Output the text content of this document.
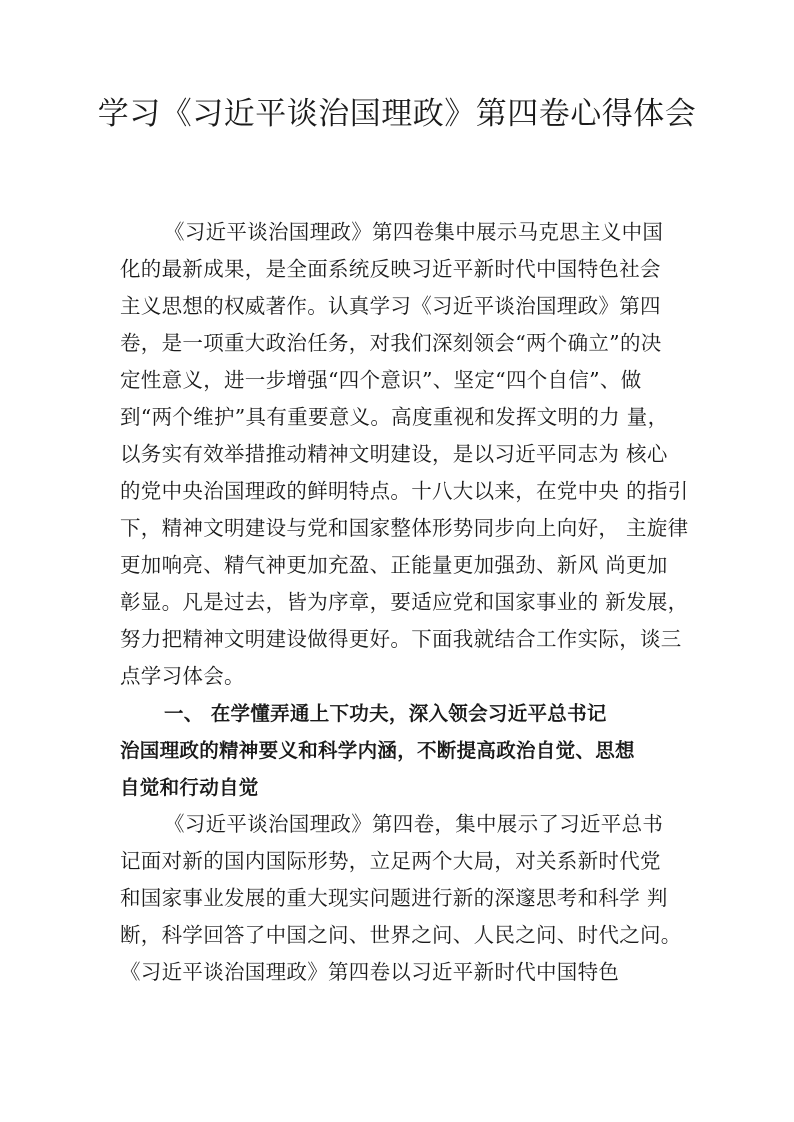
学习《习近平谈治国理政》第四卷心得体会
《习近平谈治国理政》第四卷集中展示马克思主义中国
化的最新成果，是全面系统反映习近平新时代中国特色社会
主义思想的权威著作。认真学习《习近平谈治国理政》第四
卷，是一项重大政治任务，对我们深刻领会“两个确立”的决
定性意义，进一步增强“四个意识”、坚定“四个自信”、做
到“两个维护”具有重要意义。高度重视和发挥文明的力 量，
以务实有效举措推动精神文明建设，是以习近平同志为 核心
的党中央治国理政的鲜明特点。十八大以来，在党中央 的指引
下，精神文明建设与党和国家整体形势同步向上向好， 主旋律
更加响亮、精气神更加充盈、正能量更加强劲、新风 尚更加
彰显。凡是过去，皆为序章，要适应党和国家事业的 新发展，
努力把精神文明建设做得更好。下面我就结合工作实际，谈三
点学习体会。
一、 在学懂弄通上下功夫，深入领会习近平总书记
治国理政的精神要义和科学内涵，不断提高政治自觉、思想
自觉和行动自觉
《习近平谈治国理政》第四卷，集中展示了习近平总书
记面对新的国内国际形势，立足两个大局，对关系新时代党
和国家事业发展的重大现实问题进行新的深邃思考和科学 判
断，科学回答了中国之问、世界之问、人民之问、时代之问。
《习近平谈治国理政》第四卷以习近平新时代中国特色
